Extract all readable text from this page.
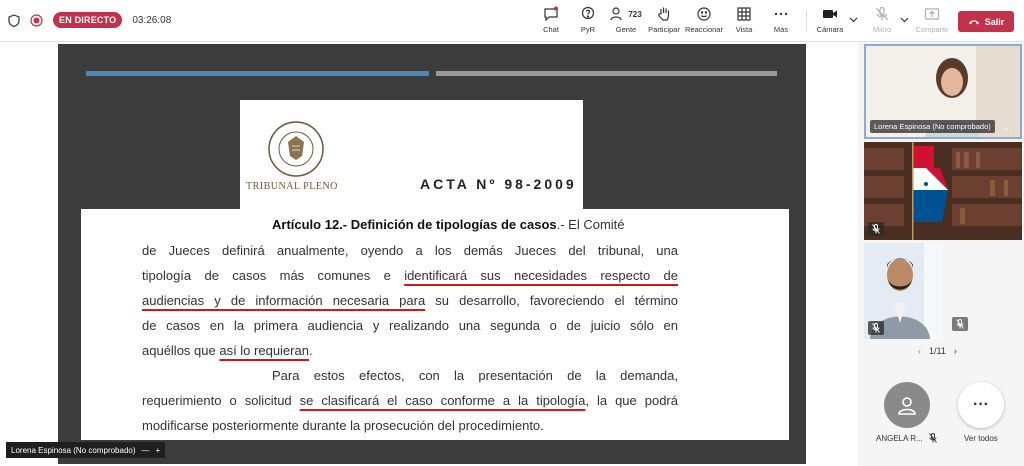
EN DIRECTO	03:26:08
Chat	PyR
723
Gente Participar Reaccionar Vista	Más	Cámara	Micro	Compartir
Salir
TRIBUNAL PLENO	ACTA Nº 98-2009
Artículo 12.- Definición de tipologías de casos.- El Comité
de Jueces definirá anualmente, oyendo a los demás Jueces del tribunal, una
tipología de casos más comunes e identificará sus necesidades respecto de
audiencias y de información necesaria para su desarrollo, favoreciendo el término
de casos en la primera audiencia y realizando una segunda o de juicio sólo en
aquéllos que así lo requieran.
Para estos efectos, con la presentación de la demanda,
requerimiento o solicitud se clasificará el caso conforme a la tipología, la que podrá
modificarse posteriormente durante la prosecución del procedimiento.
Lorena Espinosa (No comprobado) — +
Lorena Espinosa (No comprobado)	···
‹ 1/11 ›
···
ANGELA R...	Ver todos
